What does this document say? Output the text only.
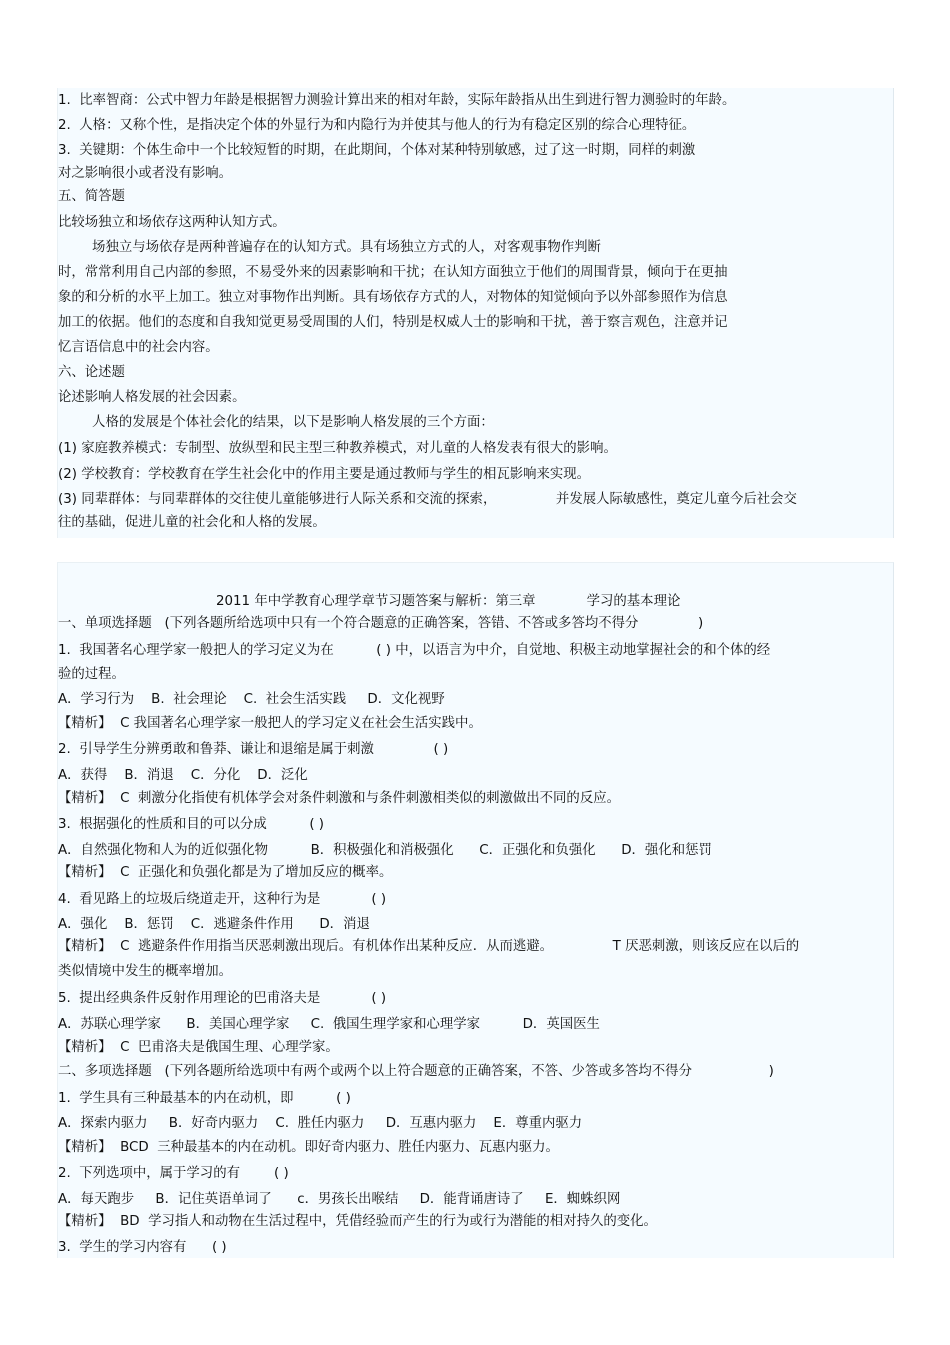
1.  比率智商：公式中智力年龄是根据智力测验计算出来的相对年龄，实际年龄指从出生到进行智力测验时的年龄。
2.  人格：又称个性，是指决定个体的外显行为和内隐行为并使其与他人的行为有稳定区别的综合心理特征。
3.  关键期：个体生命中一个比较短暂的时期，在此期间，个体对某种特别敏感，过了这一时期，同样的刺激
对之影响很小或者没有影响。
五、简答题
比较场独立和场依存这两种认知方式。
场独立与场依存是两种普遍存在的认知方式。具有场独立方式的人，对客观事物作判断
时，常常利用自己内部的参照，不易受外来的因素影响和干扰；在认知方面独立于他们的周围背景，倾向于在更抽
象的和分析的水平上加工。独立对事物作出判断。具有场依存方式的人，对物体的知觉倾向予以外部参照作为信息
加工的依据。他们的态度和自我知觉更易受周围的人们，特别是权威人士的影响和干扰，善于察言观色，注意并记
忆言语信息中的社会内容。
六、论述题
论述影响人格发展的社会因素。
人格的发展是个体社会化的结果，以下是影响人格发展的三个方面：
(1) 家庭教养模式：专制型、放纵型和民主型三种教养模式，对儿童的人格发表有很大的影响。
(2) 学校教育：学校教育在学生社会化中的作用主要是通过教师与学生的相瓦影响来实现。
(3) 同辈群体：与同辈群体的交往使儿童能够进行人际关系和交流的探索，              并发展人际敏感性，奠定儿童今后社会交
往的基础，促进儿童的社会化和人格的发展。
2011 年中学教育心理学章节习题答案与解析：第三章            学习的基本理论
一、单项选择题   (下列各题所给选项中只有一个符合题意的正确答案，答错、不答或多答均不得分              )
1.  我国著名心理学家一般把人的学习定义为在          ( ) 中，以语言为中介，自觉地、积极主动地掌握社会的和个体的经
验的过程。
A．学习行为    B.  社会理论    C.  社会生活实践     D．文化视野
【精析】  C 我国著名心理学家一般把人的学习定义在社会生活实践中。
2.  引导学生分辨勇敢和鲁莽、谦让和退缩是属于刺激              ( )
A．获得    B．消退    C．分化    D．泛化
【精析】  C  刺激分化指使有机体学会对条件刺激和与条件刺激相类似的刺激做出不同的反应。
3.  根据强化的性质和目的可以分成          ( )
A．自然强化物和人为的近似强化物          B．积极强化和消极强化      C．正强化和负强化      D．强化和惩罚
【精析】  C  正强化和负强化都是为了增加反应的概率。
4.  看见路上的垃圾后绕道走开，这种行为是            ( )
A．强化    B．惩罚    C．逃避条件作用      D．消退
【精析】  C  逃避条件作用指当厌恶刺激出现后。有机体作出某种反应．从而逃避。              T 厌恶刺激，则该反应在以后的
类似情境中发生的概率增加。
5.  提出经典条件反射作用理论的巴甫洛夫是            ( )
A．苏联心理学家      B．美国心理学家     C.  俄国生理学家和心理学家          D．英国医生
【精析】  C  巴甫洛夫是俄国生理、心理学家。
二、多项选择题   (下列各题所给选项中有两个或两个以上符合题意的正确答案，不答、少答或多答均不得分                  )
1.  学生具有三种最基本的内在动机，即          ( )
A．探索内驱力     B．好奇内驱力    C.  胜任内驱力     D．互惠内驱力    E．尊重内驱力
【精析】  BCD  三种最基本的内在动机。即好奇内驱力、胜任内驱力、瓦惠内驱力。
2.  下列选项中，属于学习的有        ( )
A．每天跑步     B．记住英语单词了      c．男孩长出喉结     D．能背诵唐诗了     E．蜘蛛织网
【精析】  BD  学习指人和动物在生活过程中，凭借经验而产生的行为或行为潜能的相对持久的变化。
3.  学生的学习内容有      ( )
